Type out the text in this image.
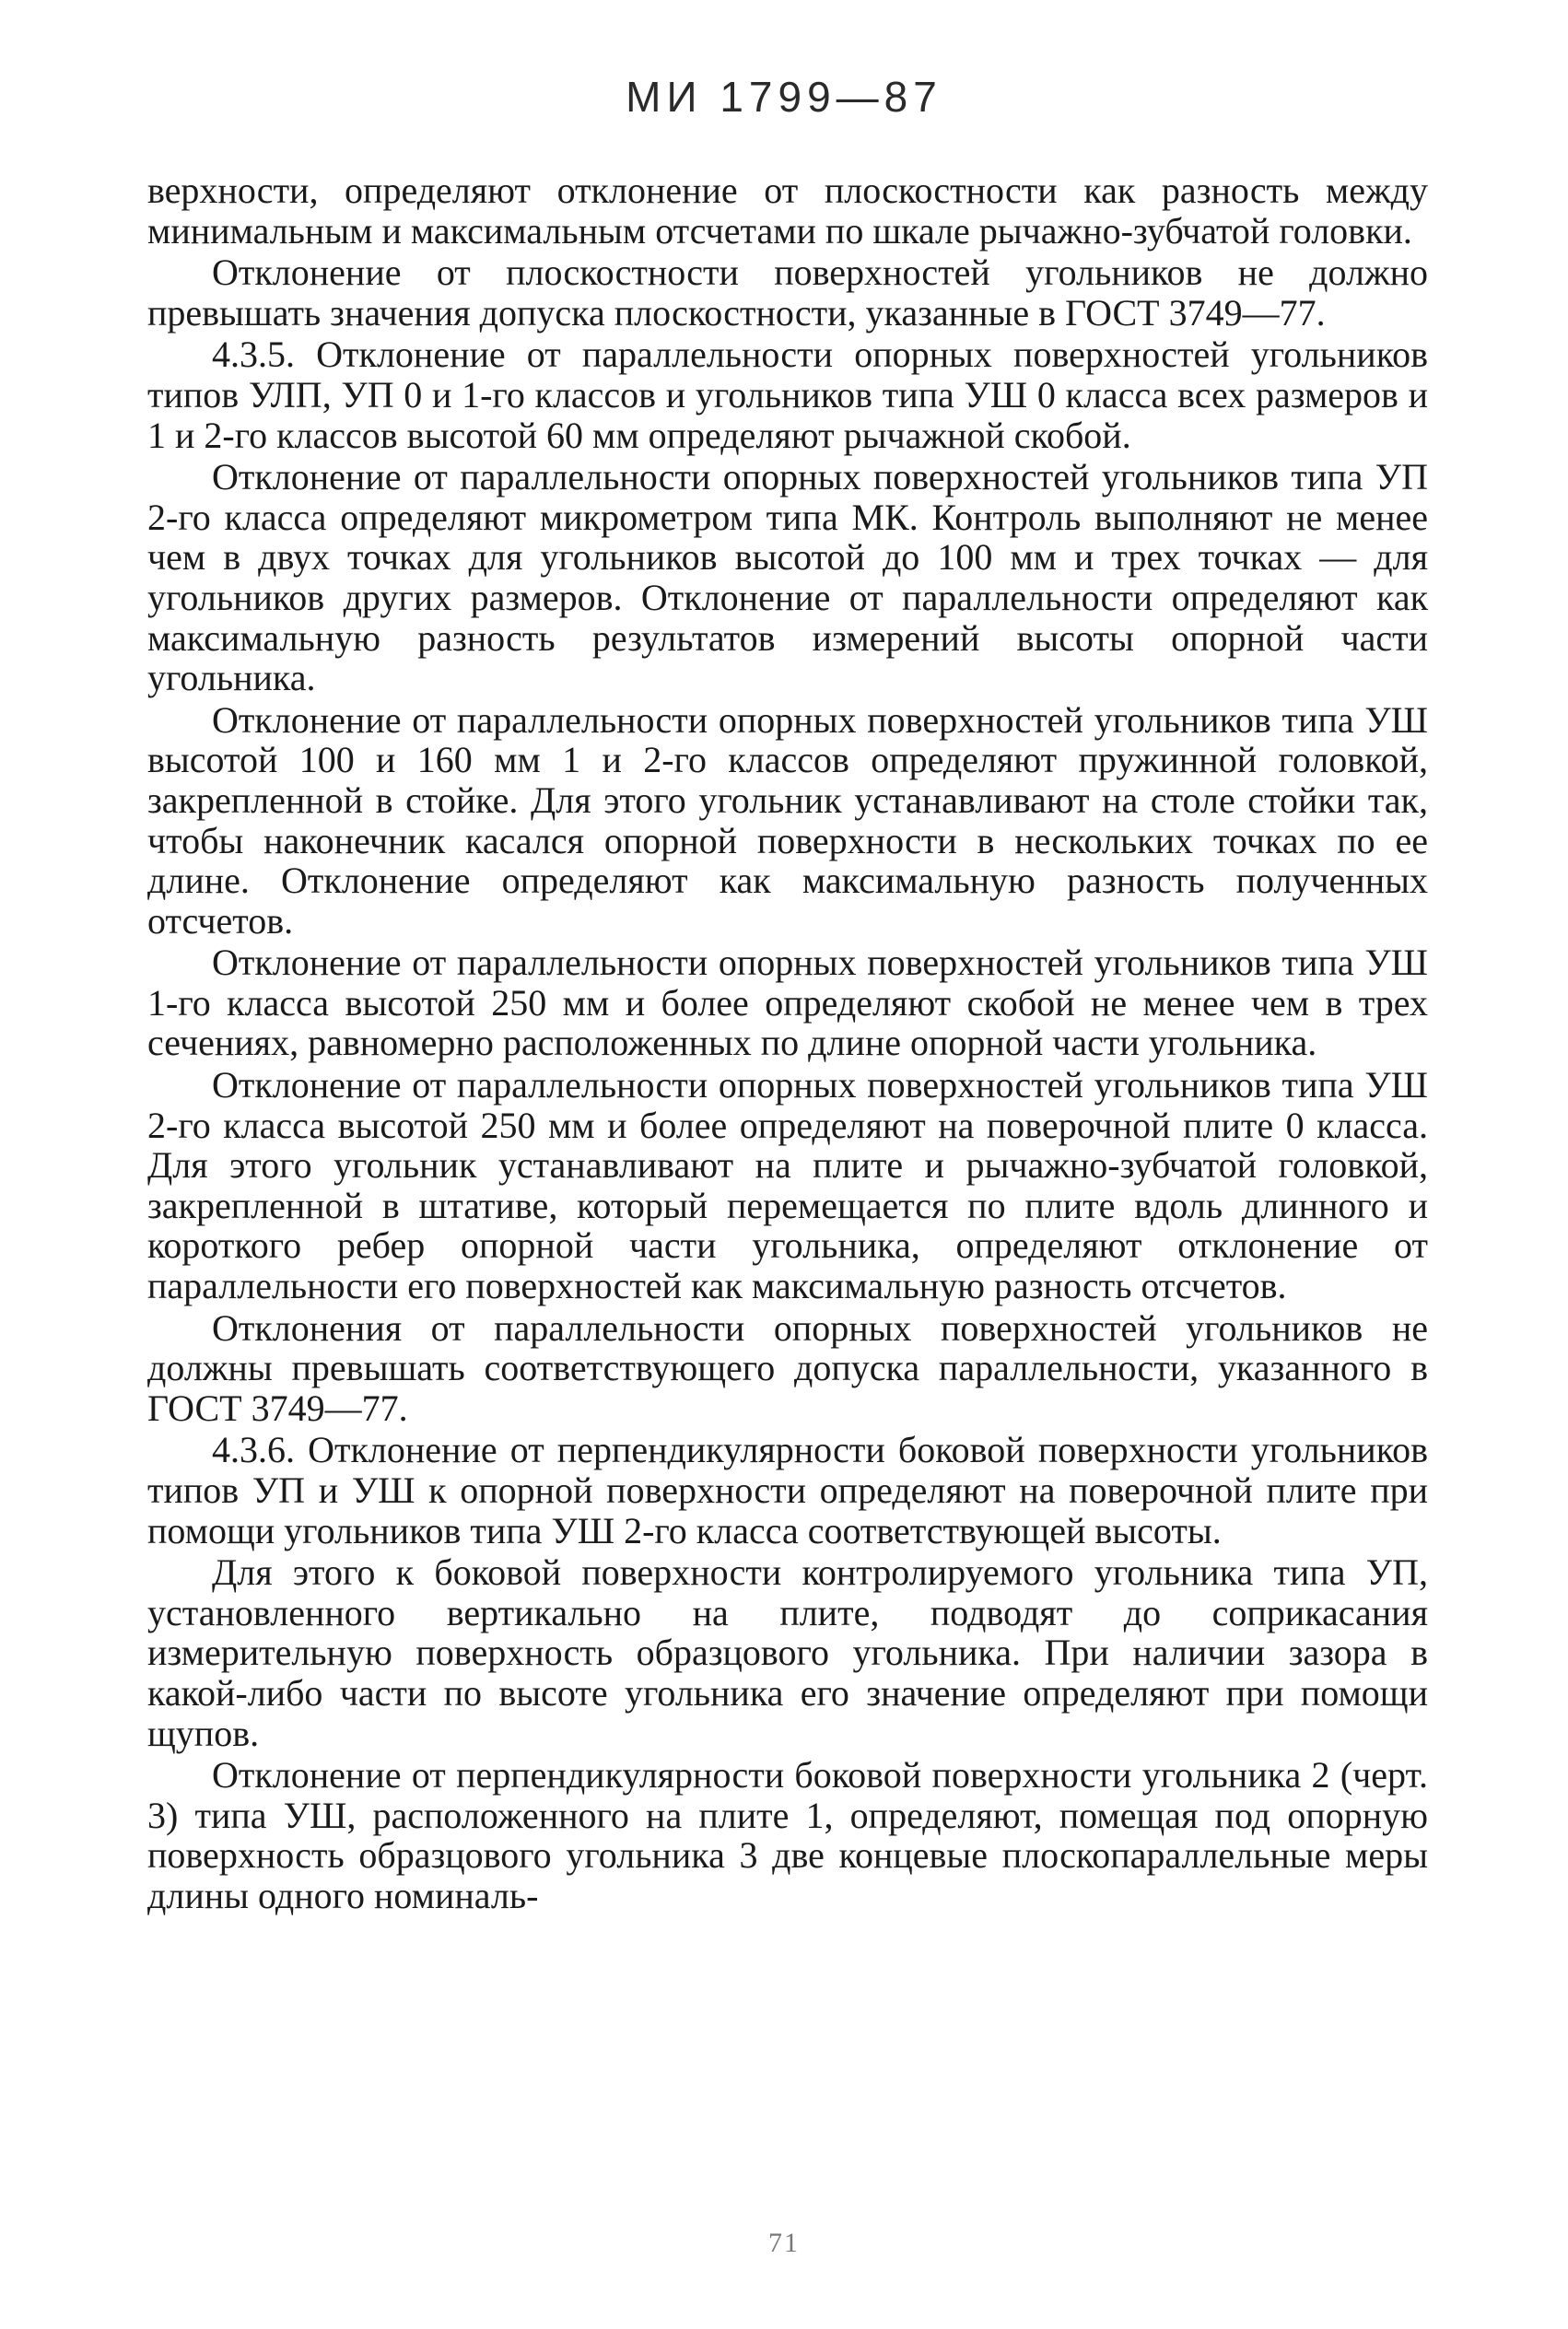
МИ 1799—87

верхности, определяют отклонение от плоскостности как разность между минимальным и максимальным отсчетами по шкале рычажно-зубчатой головки.

Отклонение от плоскостности поверхностей угольников не должно превышать значения допуска плоскостности, указанные в ГОСТ 3749—77.

4.3.5. Отклонение от параллельности опорных поверхностей угольников типов УЛП, УП 0 и 1-го классов и угольников типа УШ 0 класса всех размеров и 1 и 2-го классов высотой 60 мм определяют рычажной скобой.

Отклонение от параллельности опорных поверхностей угольников типа УП 2-го класса определяют микрометром типа МК. Контроль выполняют не менее чем в двух точках для угольников высотой до 100 мм и трех точках — для угольников других размеров. Отклонение от параллельности определяют как максимальную разность результатов измерений высоты опорной части угольника.

Отклонение от параллельности опорных поверхностей угольников типа УШ высотой 100 и 160 мм 1 и 2-го классов определяют пружинной головкой, закрепленной в стойке. Для этого угольник устанавливают на столе стойки так, чтобы наконечник касался опорной поверхности в нескольких точках по ее длине. Отклонение определяют как максимальную разность полученных отсчетов.

Отклонение от параллельности опорных поверхностей угольников типа УШ 1-го класса высотой 250 мм и более определяют скобой не менее чем в трех сечениях, равномерно расположенных по длине опорной части угольника.

Отклонение от параллельности опорных поверхностей угольников типа УШ 2-го класса высотой 250 мм и более определяют на поверочной плите 0 класса. Для этого угольник устанавливают на плите и рычажно-зубчатой головкой, закрепленной в штативе, который перемещается по плите вдоль длинного и короткого ребер опорной части угольника, определяют отклонение от параллельности его поверхностей как максимальную разность отсчетов.

Отклонения от параллельности опорных поверхностей угольников не должны превышать соответствующего допуска параллельности, указанного в ГОСТ 3749—77.

4.3.6. Отклонение от перпендикулярности боковой поверхности угольников типов УП и УШ к опорной поверхности определяют на поверочной плите при помощи угольников типа УШ 2-го класса соответствующей высоты.

Для этого к боковой поверхности контролируемого угольника типа УП, установленного вертикально на плите, подводят до соприкасания измерительную поверхность образцового угольника. При наличии зазора в какой-либо части по высоте угольника его значение определяют при помощи щупов.

Отклонение от перпендикулярности боковой поверхности угольника 2 (черт. 3) типа УШ, расположенного на плите 1, определяют, помещая под опорную поверхность образцового угольника 3 две концевые плоскопараллельные меры длины одного номиналь-

71
